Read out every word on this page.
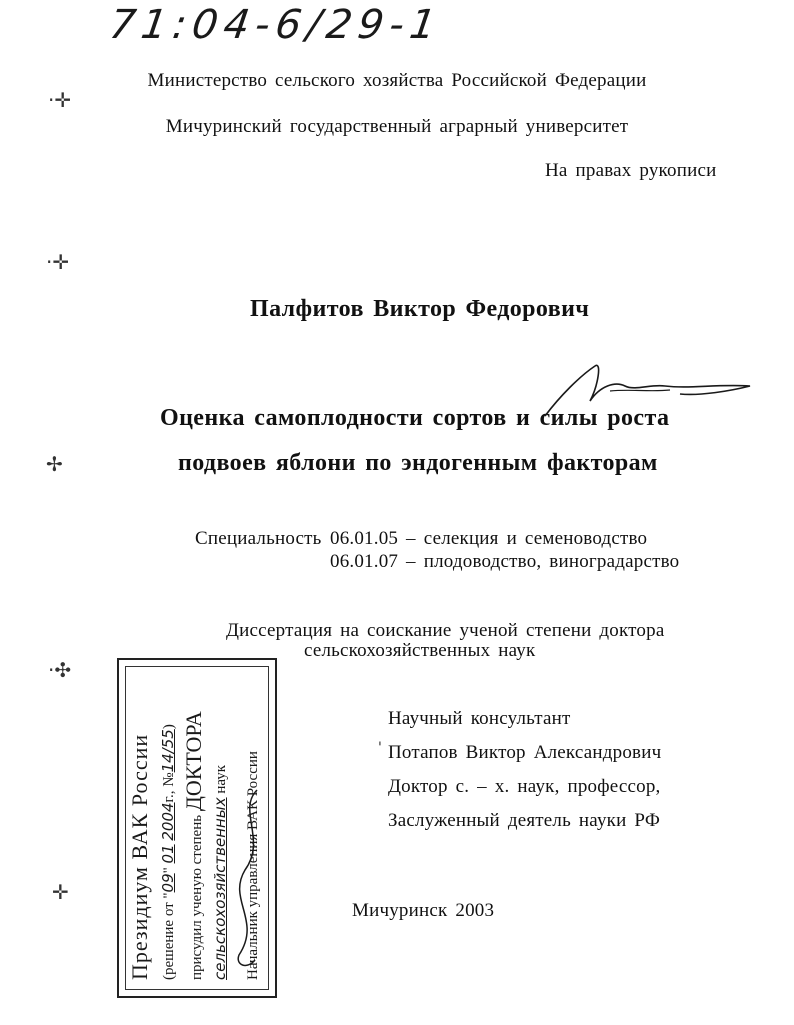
71:04-6/29-1
Министерство сельского хозяйства Российской Федерации
Мичуринский государственный аграрный университет
На правах рукописи
Палфитов Виктор Федорович
Оценка самоплодности сортов и силы роста
подвоев яблони по эндогенным факторам
Специальность 06.01.05 – селекция и семеноводство
06.01.07 – плодоводство, виноградарство
Диссертация на соискание ученой степени доктора
сельскохозяйственных наук
Научный консультант
Потапов Виктор Александрович
Доктор с. – х. наук, профессор,
Заслуженный деятель науки РФ
Мичуринск 2003
·✛
·✛
✢
·✣
✛
'
Президиум ВАК России (решение от "09" 01 2004г., №14/55)
присудил ученую степень ДОКТОРА
сельскохозяйственных наук Начальник управления ВАК России
